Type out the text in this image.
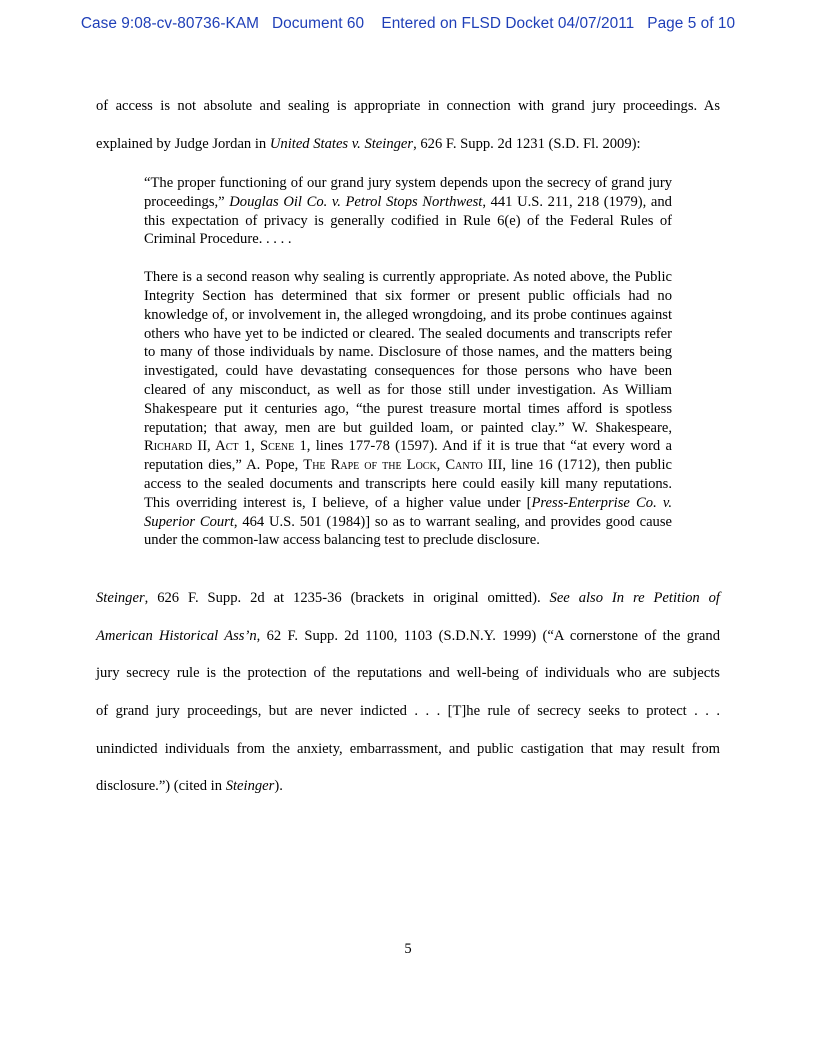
Case 9:08-cv-80736-KAM   Document 60    Entered on FLSD Docket 04/07/2011   Page 5 of 10
of access is not absolute and sealing is appropriate in connection with grand jury proceedings. As
explained by Judge Jordan in United States v. Steinger, 626 F. Supp. 2d 1231 (S.D. Fl. 2009):

“The proper functioning of our grand jury system depends upon the secrecy of grand jury proceedings,” Douglas Oil Co. v. Petrol Stops Northwest, 441 U.S. 211, 218 (1979), and this expectation of privacy is generally codified in Rule 6(e) of the Federal Rules of Criminal Procedure. . . . .

There is a second reason why sealing is currently appropriate. As noted above, the Public Integrity Section has determined that six former or present public officials had no knowledge of, or involvement in, the alleged wrongdoing, and its probe continues against others who have yet to be indicted or cleared. The sealed documents and transcripts refer to many of those individuals by name. Disclosure of those names, and the matters being investigated, could have devastating consequences for those persons who have been cleared of any misconduct, as well as for those still under investigation. As William Shakespeare put it centuries ago, “the purest treasure mortal times afford is spotless reputation; that away, men are but guilded loam, or painted clay.” W. Shakespeare, Richard II, Act 1, Scene 1, lines 177-78 (1597). And if it is true that “at every word a reputation dies,” A. Pope, The Rape of the Lock, Canto III, line 16 (1712), then public access to the sealed documents and transcripts here could easily kill many reputations. This overriding interest is, I believe, of a higher value under [Press-Enterprise Co. v. Superior Court, 464 U.S. 501 (1984)] so as to warrant sealing, and provides good cause under the common-law access balancing test to preclude disclosure.

Steinger, 626 F. Supp. 2d at 1235-36 (brackets in original omitted). See also In re Petition of
American Historical Ass’n, 62 F. Supp. 2d 1100, 1103 (S.D.N.Y. 1999) (“A cornerstone of the grand
jury secrecy rule is the protection of the reputations and well-being of individuals who are subjects
of grand jury proceedings, but are never indicted . . . [T]he rule of secrecy seeks to protect . . .
unindicted individuals from the anxiety, embarrassment, and public castigation that may result from
disclosure.”) (cited in Steinger).
5
